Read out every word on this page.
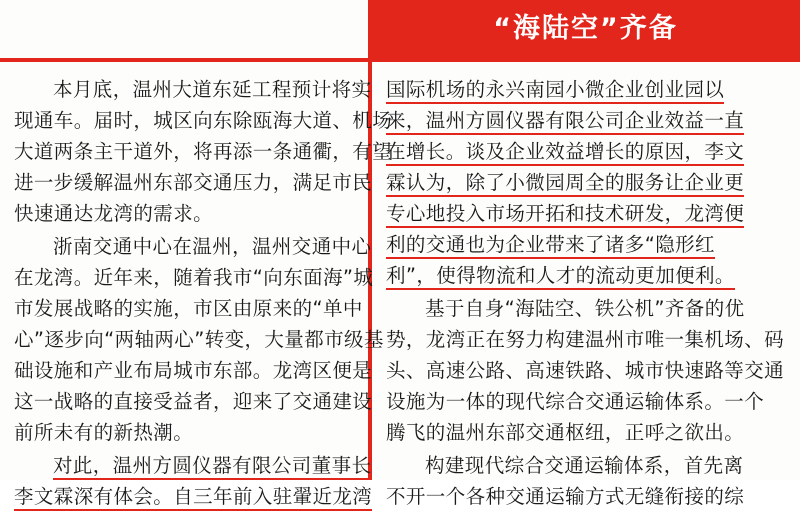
“海陆空”齐备
本月底，温州大道东延工程预计将实
现通车。届时，城区向东除瓯海大道、机场
大道两条主干道外，将再添一条通衢，有望
进一步缓解温州东部交通压力，满足市民
快速通达龙湾的需求。
浙南交通中心在温州，温州交通中心
在龙湾。近年来，随着我市“向东面海”城
市发展战略的实施，市区由原来的“单中
心”逐步向“两轴两心”转变，大量都市级基
础设施和产业布局城市东部。龙湾区便是
这一战略的直接受益者，迎来了交通建设
前所未有的新热潮。
对此，温州方圆仪器有限公司董事长
李文霖深有体会。自三年前入驻翬近龙湾
国际机场的永兴南园小微企业创业园以
来，温州方圆仪器有限公司企业效益一直
在增长。谈及企业效益增长的原因，李文
霖认为，除了小微园周全的服务让企业更
专心地投入市场开拓和技术研发，龙湾便
利的交通也为企业带来了诸多“隐形红
利”，使得物流和人才的流动更加便利。
基于自身“海陆空、铁公机”齐备的优
势，龙湾正在努力构建温州市唯一集机场、码
头、高速公路、高速铁路、城市快速路等交通
设施为一体的现代综合交通运输体系。一个
腾飞的温州东部交通枢纽，正呼之欲出。
构建现代综合交通运输体系，首先离
不开一个各种交通运输方式无缝衔接的综
